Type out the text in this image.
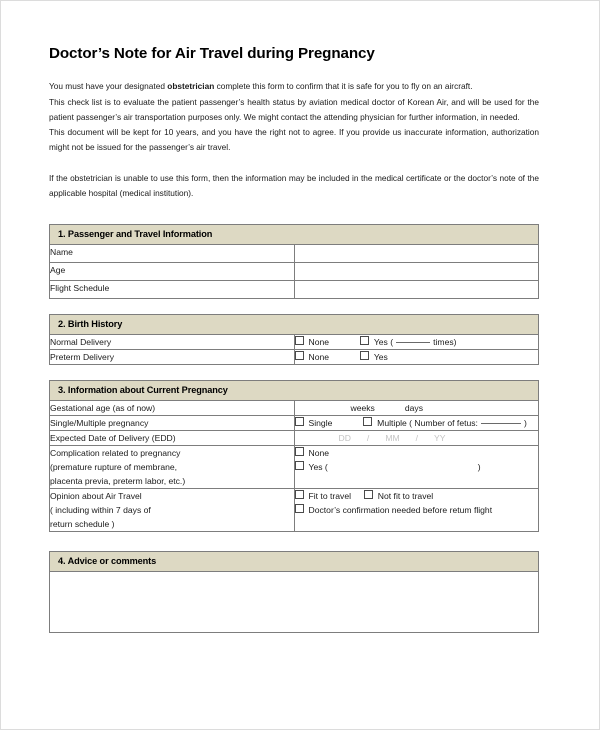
Doctor’s Note for Air Travel during Pregnancy

You must have your designated obstetrician complete this form to confirm that it is safe for you to fly on an aircraft.

This check list is to evaluate the patient passenger’s health status by aviation medical doctor of Korean Air, and will be used for the patient passenger’s air transportation purposes only. We might contact the attending physician for further information, in needed.

This document will be kept for 10 years, and you have the right not to agree. If you provide us inaccurate information, authorization might not be issued for the passenger’s air travel.

If the obstetrician is unable to use this form, then the information may be included in the medical certificate or the doctor’s note of the applicable hospital (medical institution).

1. Passenger and Travel Information	
Name	
Age	
Flight Schedule	
2. Birth History	
Normal Delivery	None Yes ( times)
Preterm Delivery	None Yes
3. Information about Current Pregnancy	
Gestational age (as of now)	weeks days
Single/Multiple pregnancy	Single Multiple ( Number of fetus: )
Expected Date of Delivery (EDD)	DD / MM / YY

Complication related to pregnancy
(premature rupture of membrane,
placenta previa, preterm labor, etc.)	None  Yes ( )

Opinion about Air Travel
( including within 7 days of
return schedule )	Fit to travel Not fit to travel
Doctor’s confirmation needed before retum flight

4. Advice or comments
